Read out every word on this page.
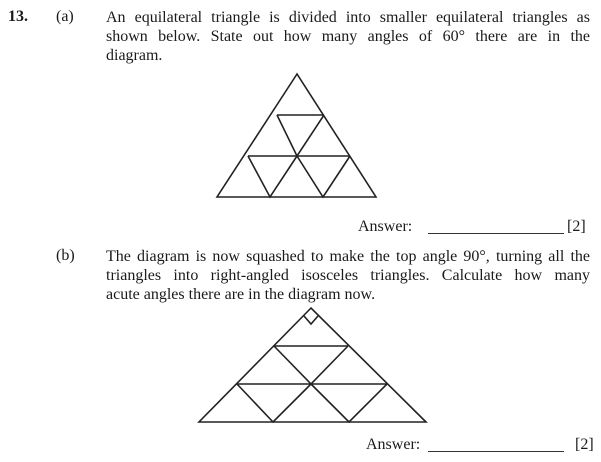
13. (a) An equilateral triangle is divided into smaller equilateral triangles as
shown below. State out how many angles of 60° there are in the
diagram.
Answer:	[2]
(b) The diagram is now squashed to make the top angle 90°, turning all the
triangles into right-angled isosceles triangles. Calculate how many
acute angles there are in the diagram now.
Answer:	[2]
